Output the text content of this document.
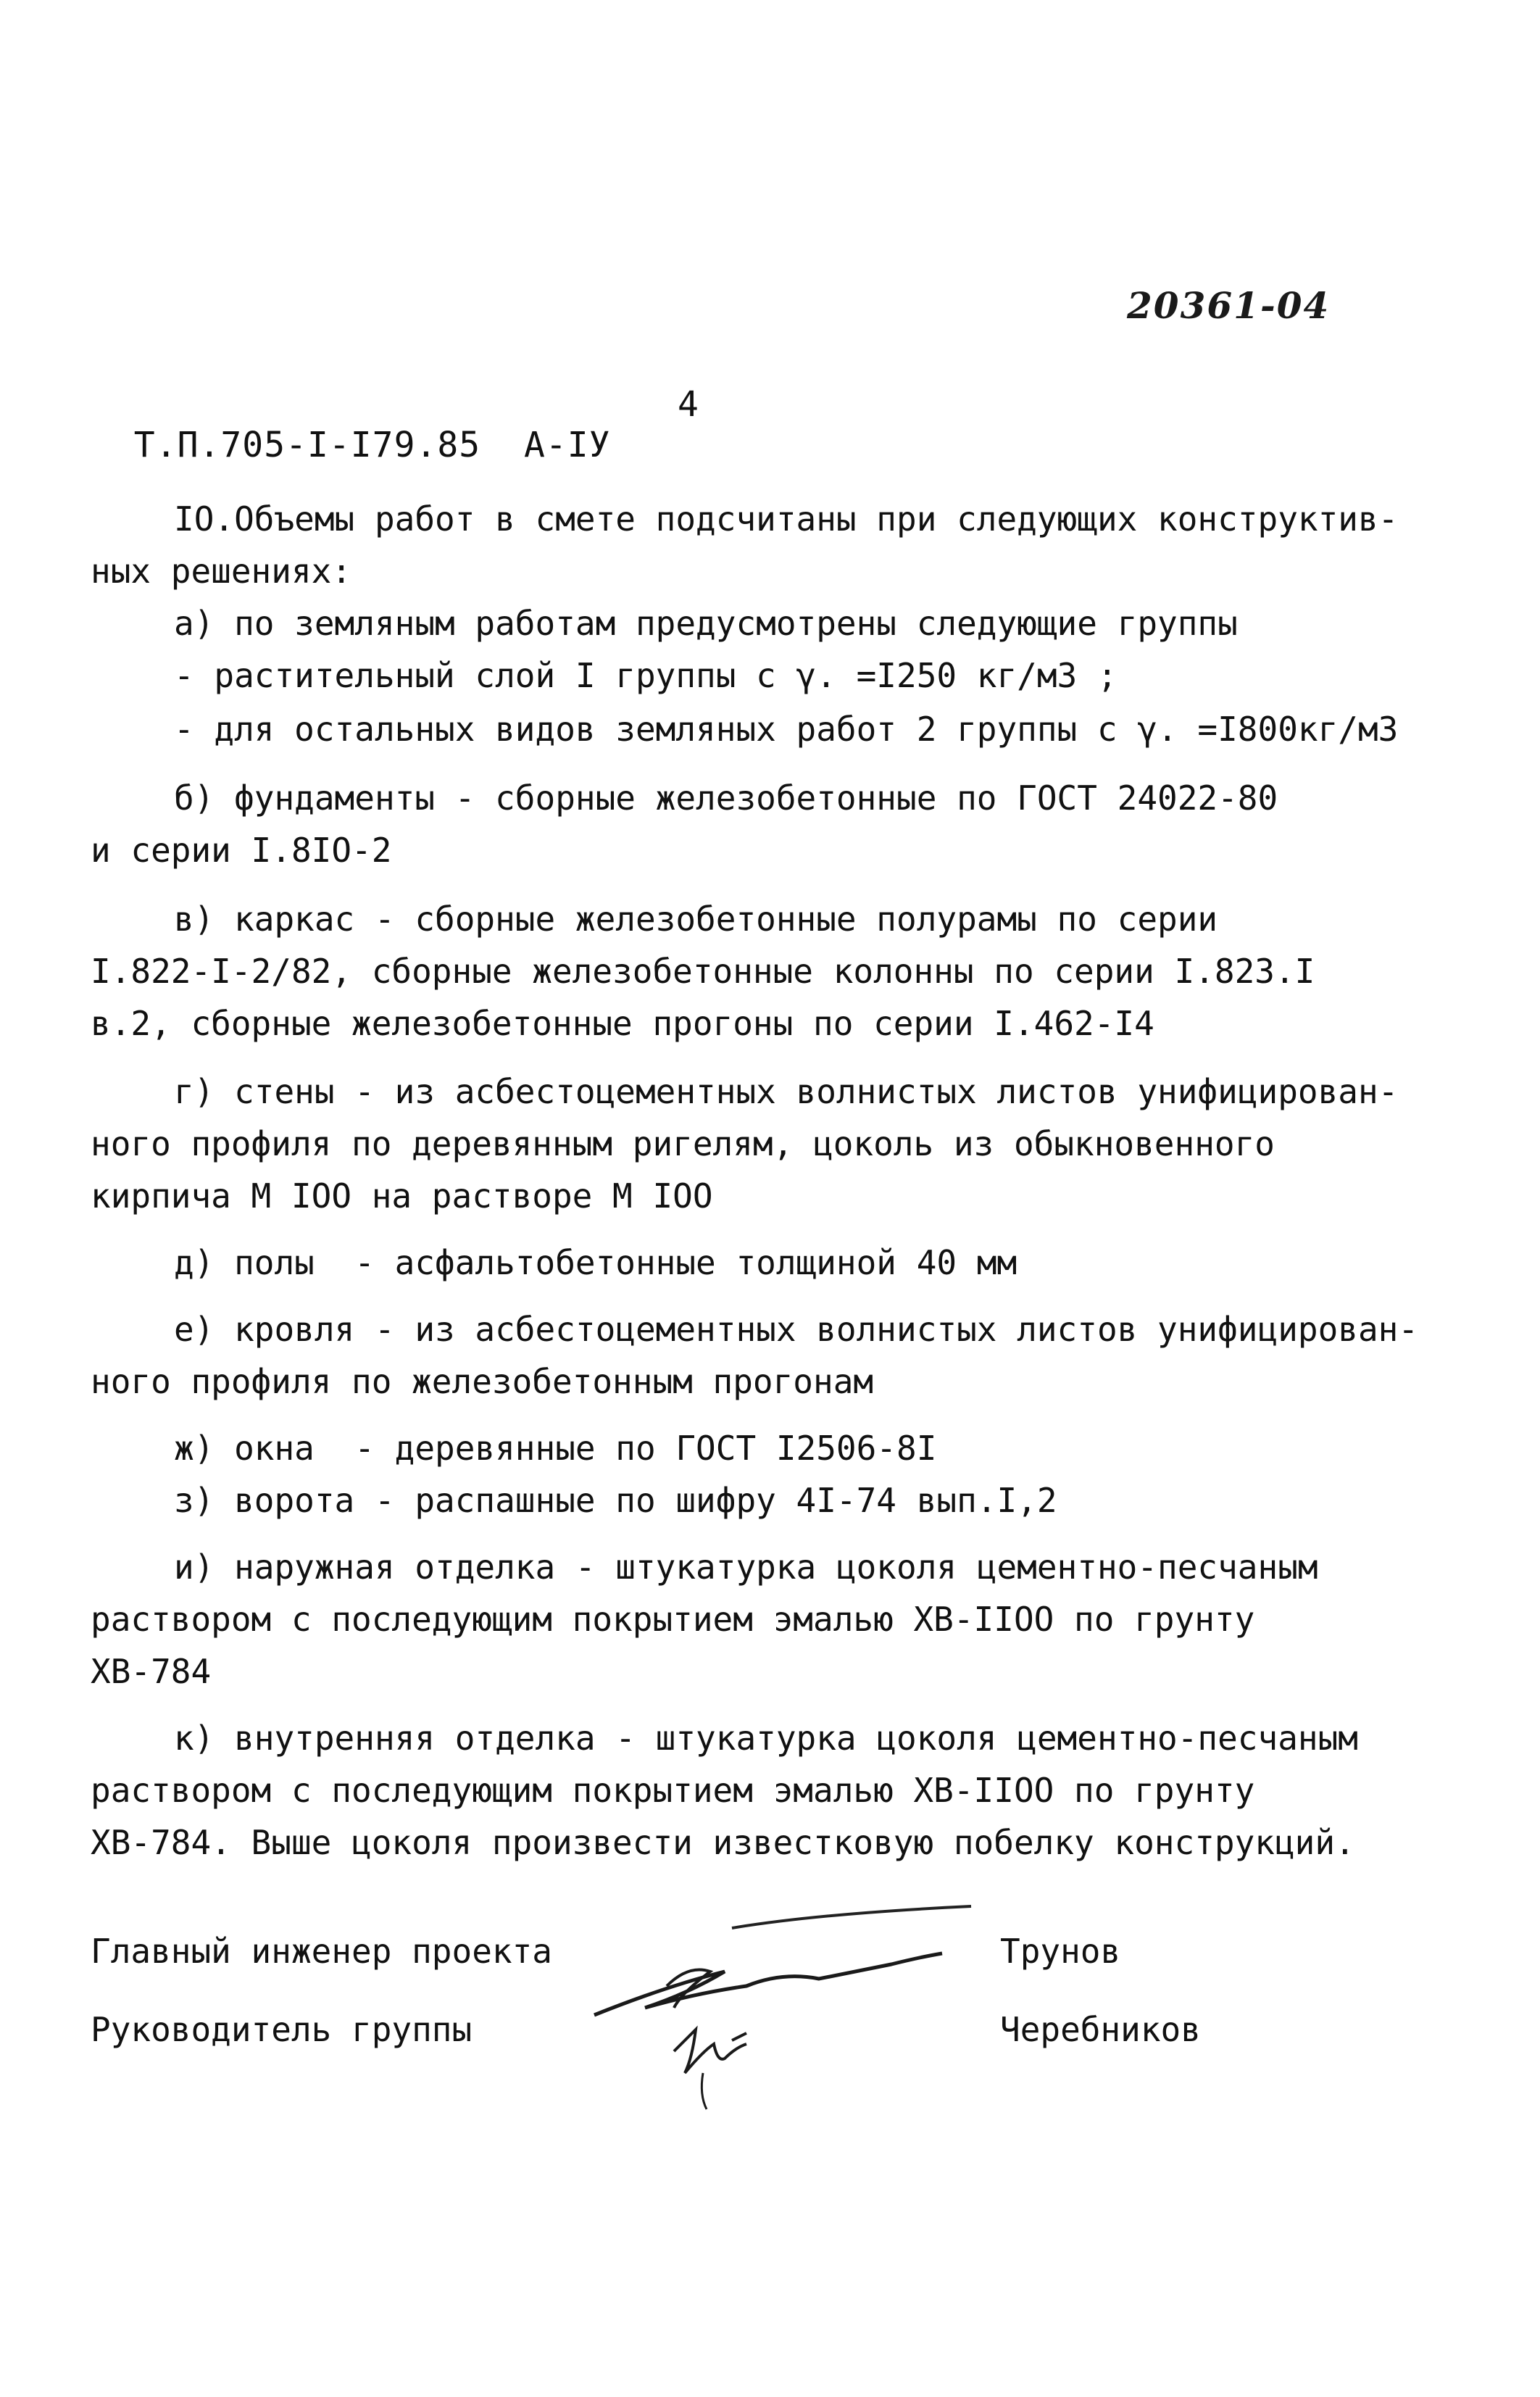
20361-04

Т.П.705-I-I79.85  А-IУ

4

IO.Объемы работ в смете подсчитаны при следующих конструктив-
ных решениях:
а) по земляным работам предусмотрены следующие группы
- растительный слой I группы с γ. =I250 кг/м3 ;
- для остальных видов земляных работ 2 группы с γ. =I800кг/м3
б) фундаменты - сборные железобетонные по ГОСТ 24022-80
и серии I.8IO-2
в) каркас - сборные железобетонные полурамы по серии
I.822-I-2/82, сборные железобетонные колонны по серии I.823.I
в.2, сборные железобетонные прогоны по серии I.462-I4
г) стены - из асбестоцементных волнистых листов унифицирован-
ного профиля по деревянным ригелям, цоколь из обыкновенного
кирпича М IOO на растворе М IOO
д) полы  - асфальтобетонные толщиной 40 мм
е) кровля - из асбестоцементных волнистых листов унифицирован-
ного профиля по железобетонным прогонам
ж) окна  - деревянные по ГОСТ I2506-8I
з) ворота - распашные по шифру 4I-74 вып.I,2
и) наружная отделка - штукатурка цоколя цементно-песчаным
раствором с последующим покрытием эмалью ХВ-IIOO по грунту
ХВ-784
к) внутренняя отделка - штукатурка цоколя цементно-песчаным
раствором с последующим покрытием эмалью ХВ-IIOO по грунту
ХВ-784. Выше цоколя произвести известковую побелку конструкций.
Главный инженер проекта	Трунов
Руководитель группы	Черебников
